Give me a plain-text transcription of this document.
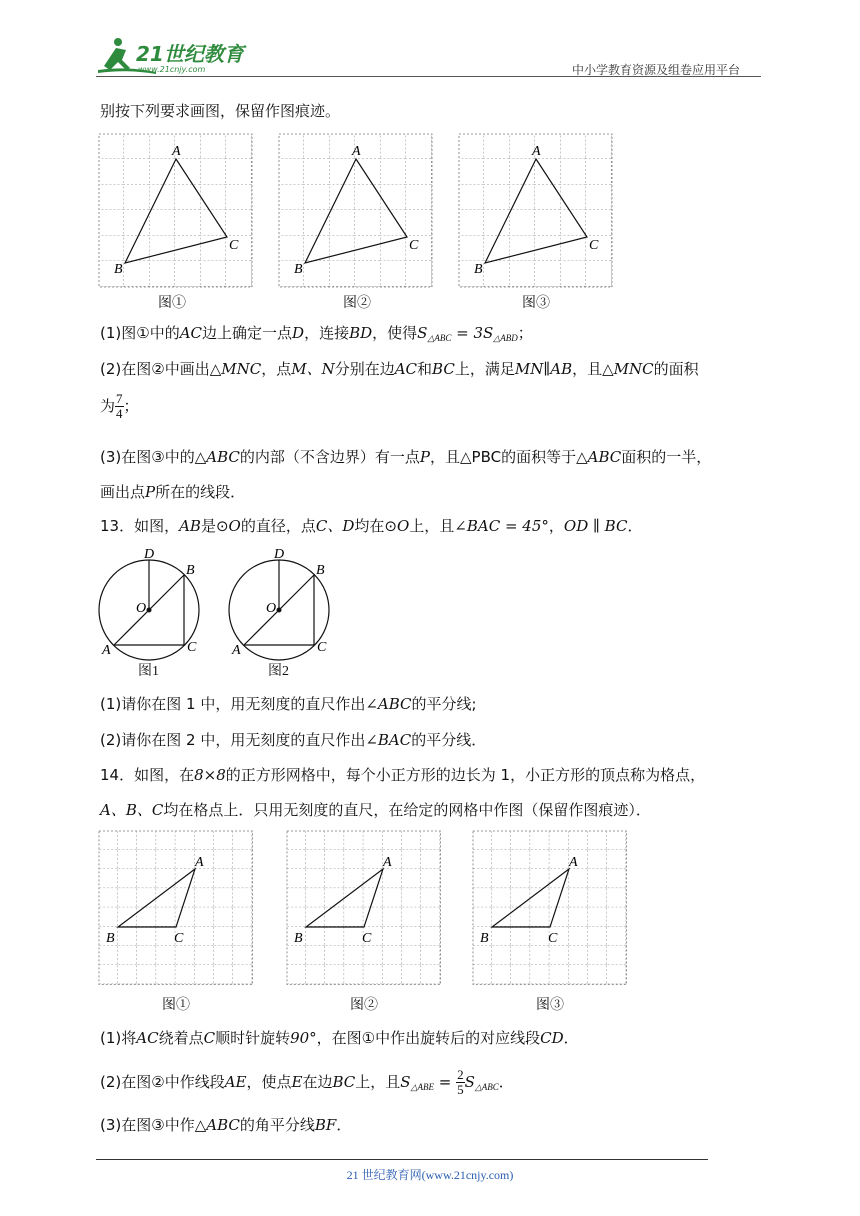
21世纪教育
www.21cnjy.com	中小学教育资源及组卷应用平台
别按下列要求画图，保留作图痕迹。
A
B
C
A
B
C
A
B
C
图①	图②	图③
(1)图①中的AC边上确定一点D，连接BD，使得$S_{\triangle ABC} = 3S_{\triangle ABD}$；
(2)在图②中画出△MNC，点M、N分别在边AC和BC上，满足MN∥AB，且△MNC的面积
为 $\frac{7}{4}$ ；
(3)在图③中的△ABC的内部（不含边界）有一点P，且△PBC的面积等于△ABC面积的一半，
画出点P所在的线段．
13．如图，AB是⊙O的直径，点C、D均在⊙O上，且∠BAC = 45°，OD ∥ BC．
D
B
O
A	C
D
B
O
A	C
图1	图2
(1)请你在图 1 中，用无刻度的直尺作出∠ABC的平分线;
(2)请你在图 2 中，用无刻度的直尺作出∠BAC的平分线．
14．如图，在8×8的正方形网格中，每个小正方形的边长为 1，小正方形的顶点称为格点，
A、B、C均在格点上．只用无刻度的直尺，在给定的网格中作图（保留作图痕迹）．
A
B	C
A
B	C
A
B	C
图①	图②	图③
(1)将AC绕着点C顺时针旋转90°，在图①中作出旋转后的对应线段CD．
(2)在图②中作线段AE，使点E在边BC上，且$S_{\triangle ABE} = \frac{2}{5} S_{\triangle ABC}$．
(3)在图③中作△ABC的角平分线BF．
21 世纪教育网(www.21cnjy.com)
